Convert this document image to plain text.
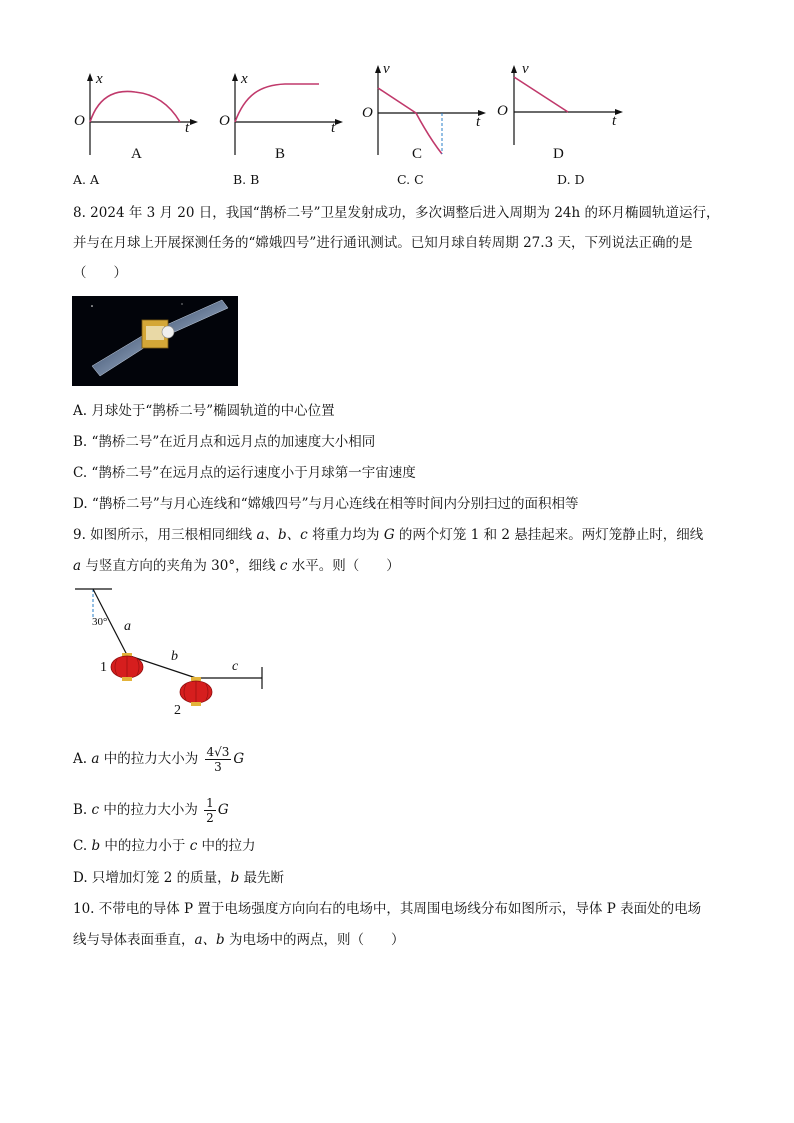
x
O	t
A
x
O	t
B
v
O
t
C
v
O
t
D
A. A	B. B	C. C	D. D
8. 2024 年 3 月 20 日，我国“鹊桥二号”卫星发射成功，多次调整后进入周期为 24h 的环月椭圆轨道运行，
并与在月球上开展探测任务的“嫦娥四号”进行通讯测试。已知月球自转周期 27.3 天，下列说法正确的是
（　　）
A. 月球处于“鹊桥二号”椭圆轨道的中心位置
B. “鹊桥二号”在近月点和远月点的加速度大小相同
C. “鹊桥二号”在远月点的运行速度小于月球第一宇宙速度
D. “鹊桥二号”与月心连线和“嫦娥四号”与月心连线在相等时间内分别扫过的面积相等
9. 如图所示，用三根相同细线 a、b、c 将重力均为 G 的两个灯笼 1 和 2 悬挂起来。两灯笼静止时，细线
a 与竖直方向的夹角为 30°，细线 c 水平。则（　　）
30° a
b
c
1
2
A. a 中的拉力大小为 $\frac{4√3}{3}$ G
B. c 中的拉力大小为 $\frac{1}{2}$ G
C. b 中的拉力小于 c 中的拉力
D. 只增加灯笼 2 的质量，b 最先断
10. 不带电的导体 P 置于电场强度方向向右的电场中，其周围电场线分布如图所示，导体 P 表面处的电场
线与导体表面垂直，a、b 为电场中的两点，则（　　）
